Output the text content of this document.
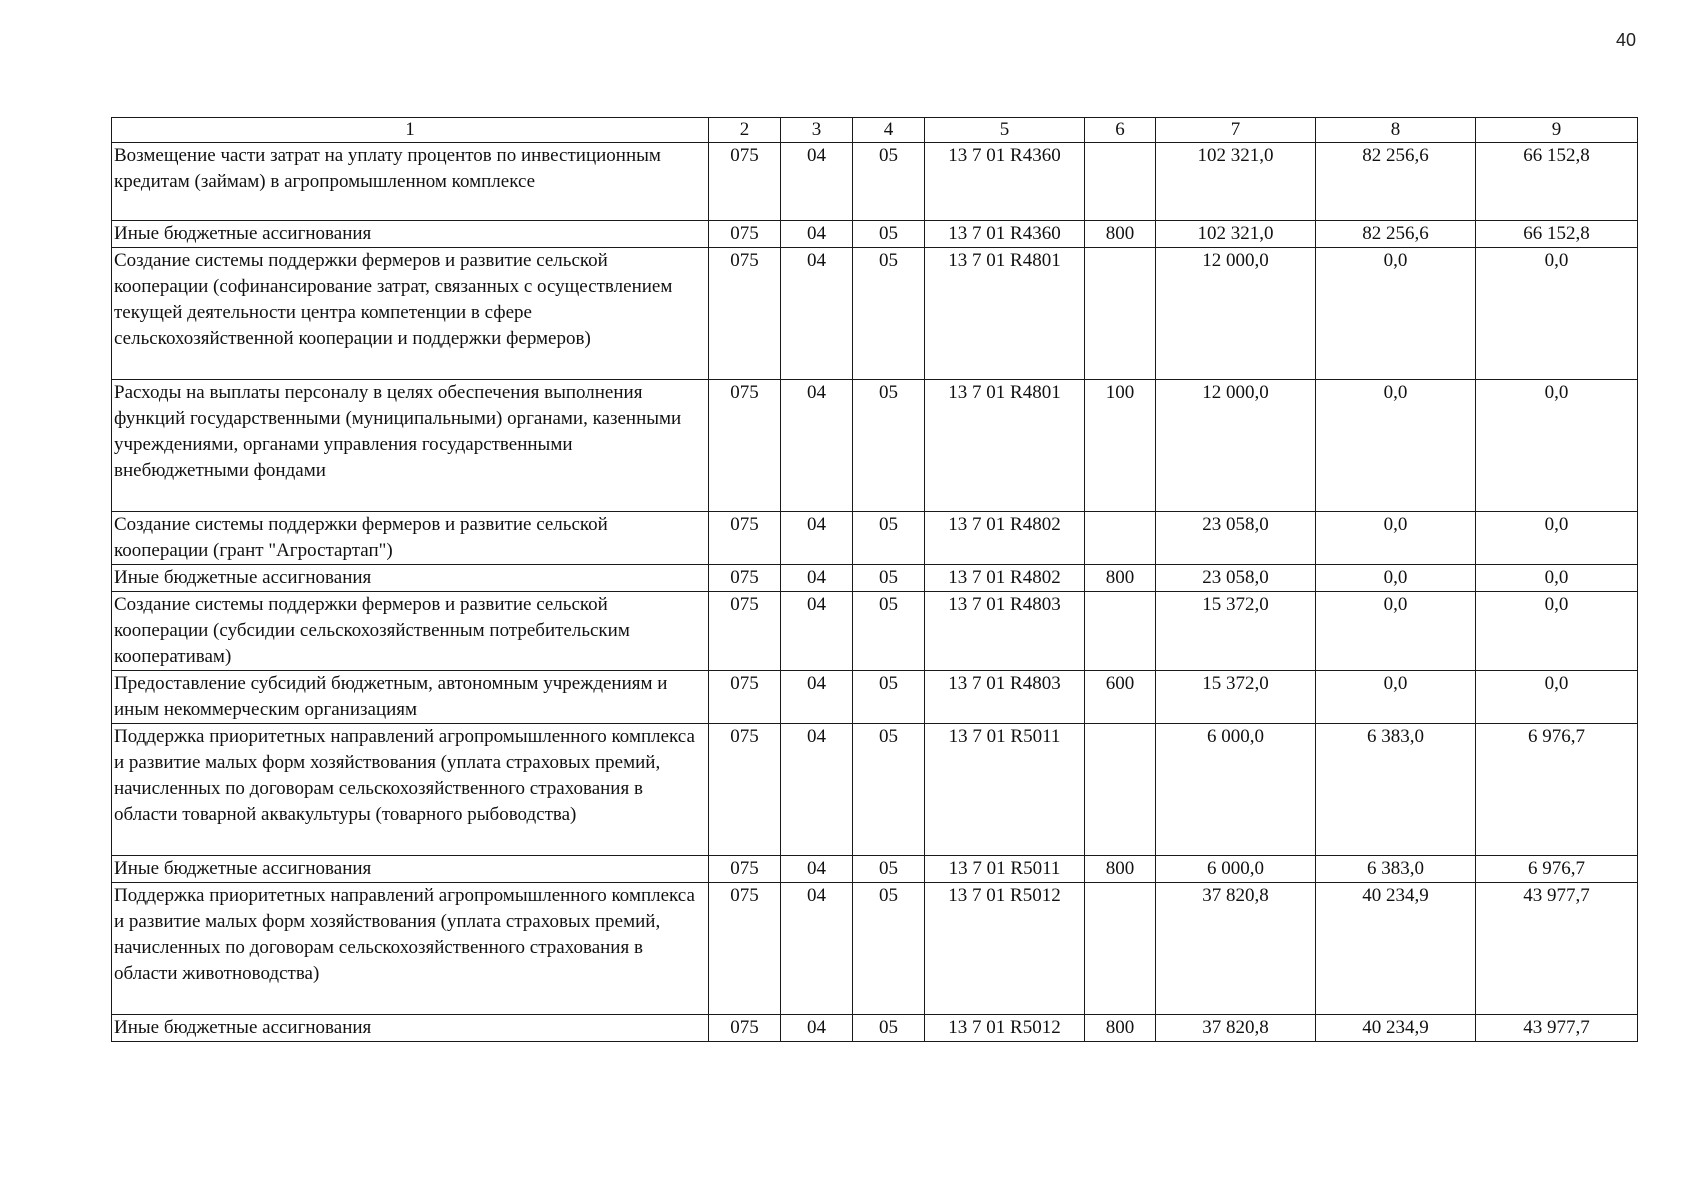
40
1	2	3	4	5	6	7	8	9
Возмещение части затрат на уплату процентов по инвестиционным кредитам (займам) в агропромышленном комплексе	075	04	05	13 7 01 R4360		102 321,0	82 256,6	66 152,8
Иные бюджетные ассигнования	075	04	05	13 7 01 R4360	800	102 321,0	82 256,6	66 152,8
Создание системы поддержки фермеров и развитие сельской кооперации (софинансирование затрат, связанных с осуществлением текущей деятельности центра компетенции в сфере сельскохозяйственной кооперации и поддержки фермеров)	075	04	05	13 7 01 R4801		12 000,0	0,0	0,0
Расходы на выплаты персоналу в целях обеспечения выполнения функций государственными (муниципальными) органами, казенными учреждениями, органами управления государственными внебюджетными фондами	075	04	05	13 7 01 R4801	100	12 000,0	0,0	0,0
Создание системы поддержки фермеров и развитие сельской кооперации (грант "Агростартап")	075	04	05	13 7 01 R4802		23 058,0	0,0	0,0
Иные бюджетные ассигнования	075	04	05	13 7 01 R4802	800	23 058,0	0,0	0,0
Создание системы поддержки фермеров и развитие сельской кооперации (субсидии сельскохозяйственным потребительским кооперативам)	075	04	05	13 7 01 R4803		15 372,0	0,0	0,0
Предоставление субсидий бюджетным, автономным учреждениям и иным некоммерческим организациям	075	04	05	13 7 01 R4803	600	15 372,0	0,0	0,0
Поддержка приоритетных направлений агропромышленного комплекса и развитие малых форм хозяйствования (уплата страховых премий, начисленных по договорам сельскохозяйственного страхования в области товарной аквакультуры (товарного рыбоводства)	075	04	05	13 7 01 R5011		6 000,0	6 383,0	6 976,7
Иные бюджетные ассигнования	075	04	05	13 7 01 R5011	800	6 000,0	6 383,0	6 976,7
Поддержка приоритетных направлений агропромышленного комплекса и развитие малых форм хозяйствования (уплата страховых премий, начисленных по договорам сельскохозяйственного страхования в области животноводства)	075	04	05	13 7 01 R5012		37 820,8	40 234,9	43 977,7
Иные бюджетные ассигнования	075	04	05	13 7 01 R5012	800	37 820,8	40 234,9	43 977,7
